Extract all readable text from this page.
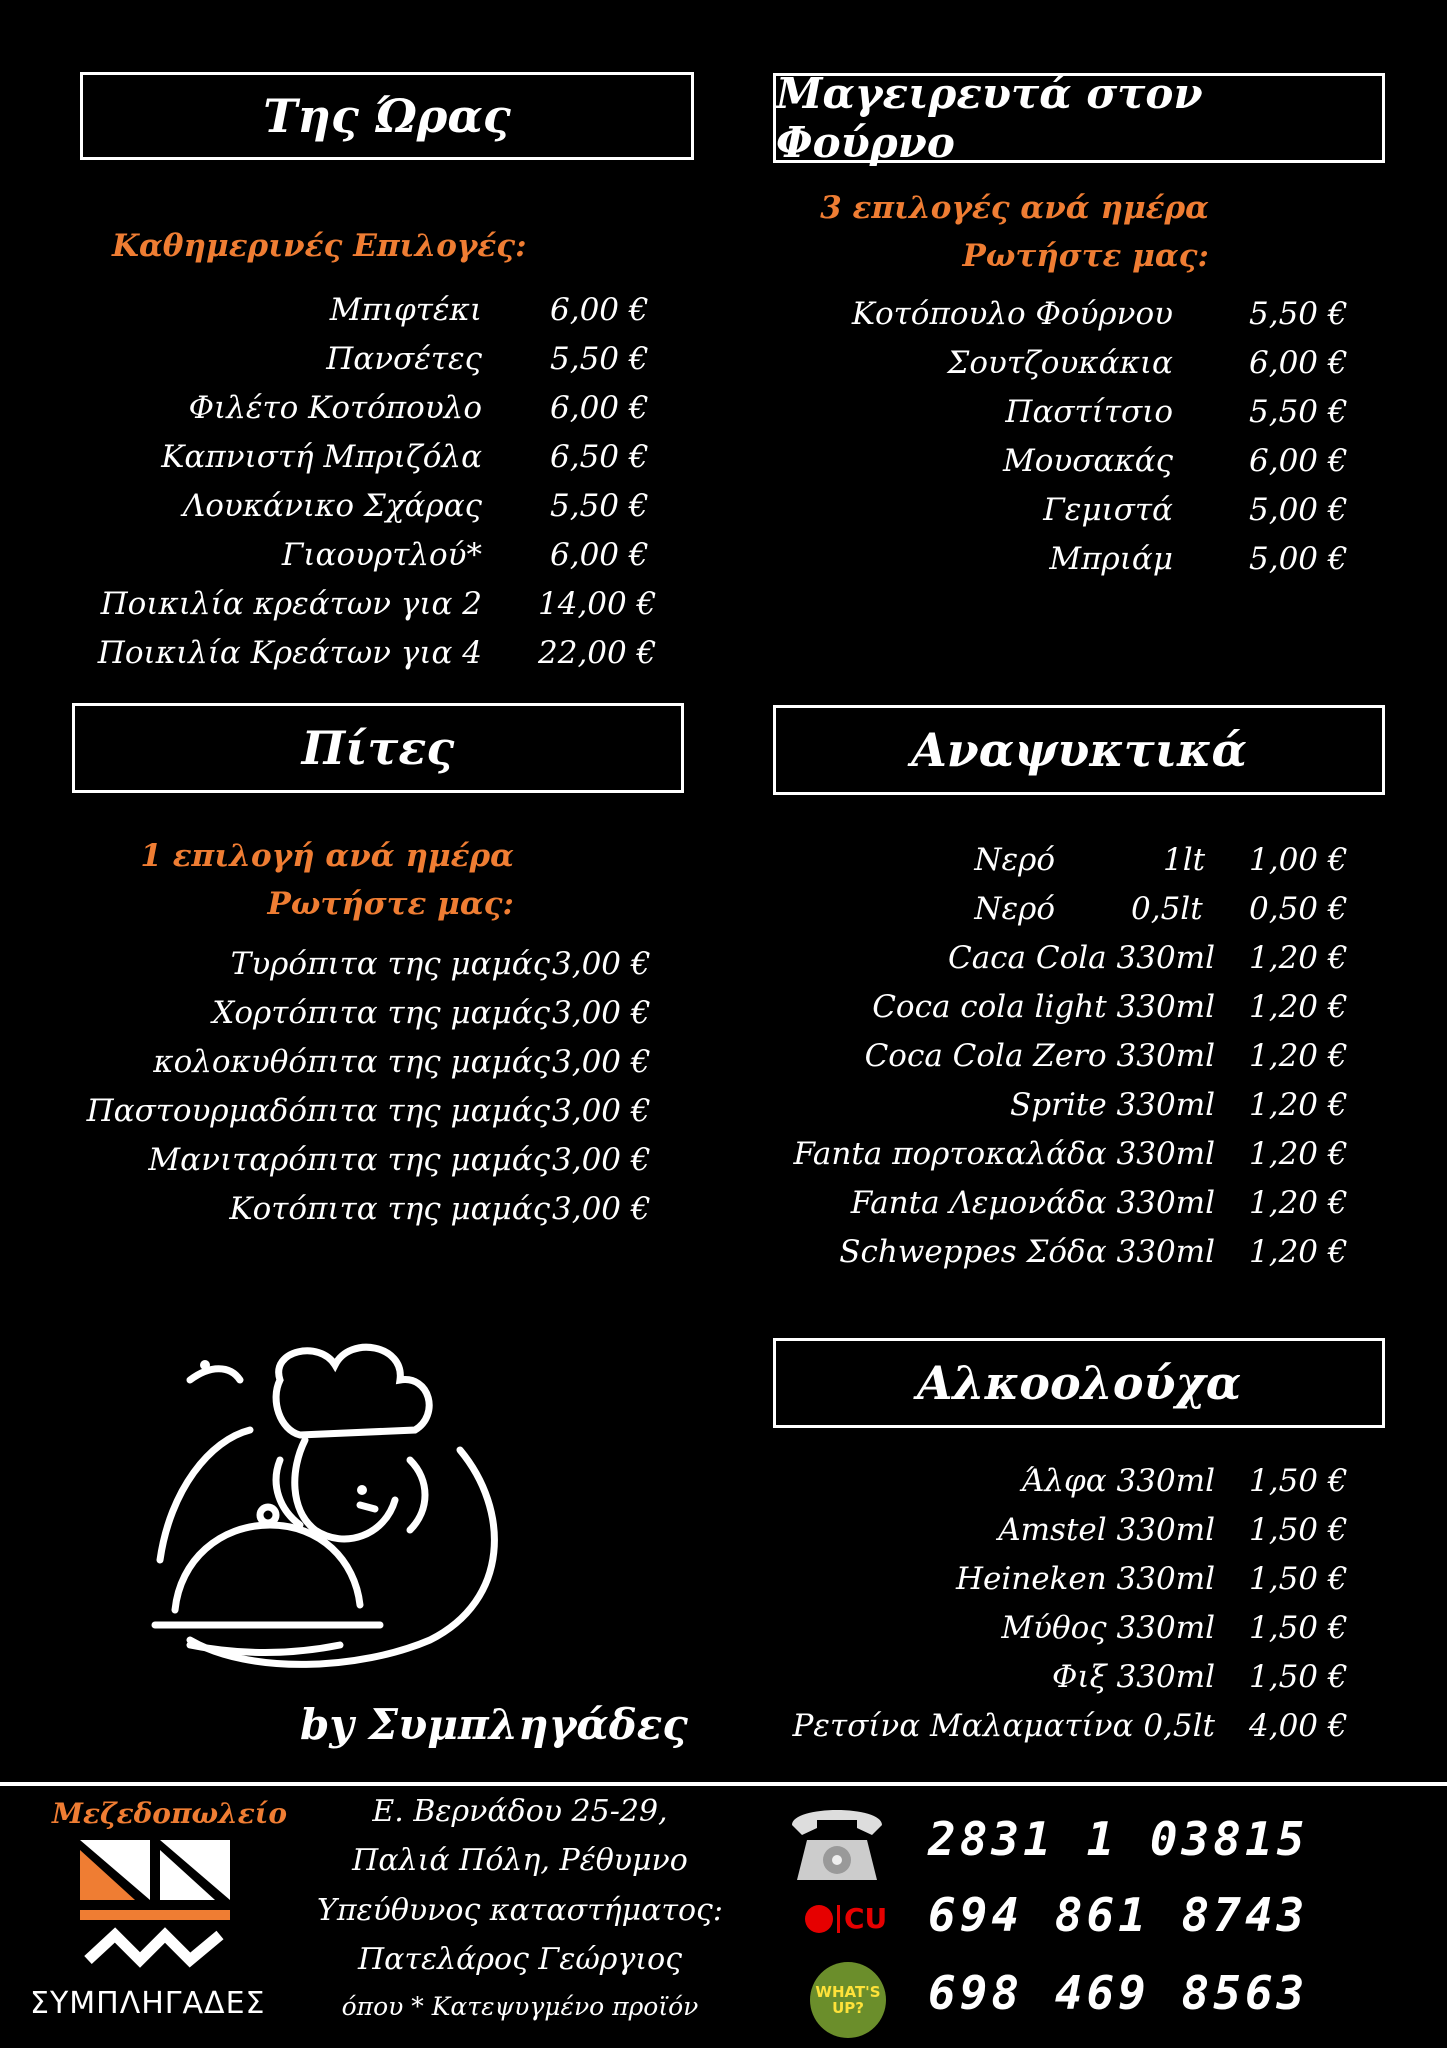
Της Ώρας
Καθημερινές Επιλογές:
Μπιφτέκι 6,00 €
Πανσέτες 5,50 €
Φιλέτο Κοτόπουλο 6,00 €
Καπνιστή Μπριζόλα 6,50 €
Λουκάνικο Σχάρας 5,50 €
Γιαουρτλού* 6,00 €
Ποικιλία κρεάτων για 2 14,00 €
Ποικιλία Κρεάτων για 4 22,00 €
Μαγειρευτά στον Φούρνο
3 επιλογές ανά ημέρα
Ρωτήστε μας:
Κοτόπουλο Φούρνου 5,50 €
Σουτζουκάκια 6,00 €
Παστίτσιο 5,50 €
Μουσακάς 6,00 €
Γεμιστά 5,00 €
Μπριάμ 5,00 €
Πίτες
1 επιλογή ανά ημέρα
Ρωτήστε μας:
Τυρόπιτα της μαμάς 3,00 €
Χορτόπιτα της μαμάς 3,00 €
κολοκυθόπιτα της μαμάς 3,00 €
Παστουρμαδόπιτα της μαμάς 3,00 €
Μανιταρόπιτα της μαμάς 3,00 €
Κοτόπιτα της μαμάς 3,00 €
Αναψυκτικά
Νερό	1lt 1,00 €
Νερό 0,5lt 0,50 €
Caca Cola 330ml 1,20 €
Coca cola light 330ml 1,20 €
Coca Cola Zero 330ml 1,20 €
Sprite 330ml 1,20 €
Fanta πορτοκαλάδα 330ml 1,20 €
Fanta Λεμονάδα 330ml 1,20 €
Schweppes Σόδα 330ml 1,20 €
Αλκοολούχα
Άλφα 330ml 1,50 €
Amstel 330ml 1,50 €
Heineken 330ml 1,50 €
Μύθος 330ml 1,50 €
Φιξ 330ml 1,50 €
Ρετσίνα Μαλαματίνα 0,5lt 4,00 €
by Συμπληγάδες
Μεζεδοπωλείο
ΣΥΜΠΛΗΓΑΔΕΣ
Ε. Βερνάδου 25-29,
Παλιά Πόλη, Ρέθυμνο
Υπεύθυνος καταστήματος:
Πατελάρος Γεώργιος
όπου * Κατεψυγμένο προϊόν
2831 1 03815
CU 694 861 8743
WHAT'S UP?	698 469 8563
